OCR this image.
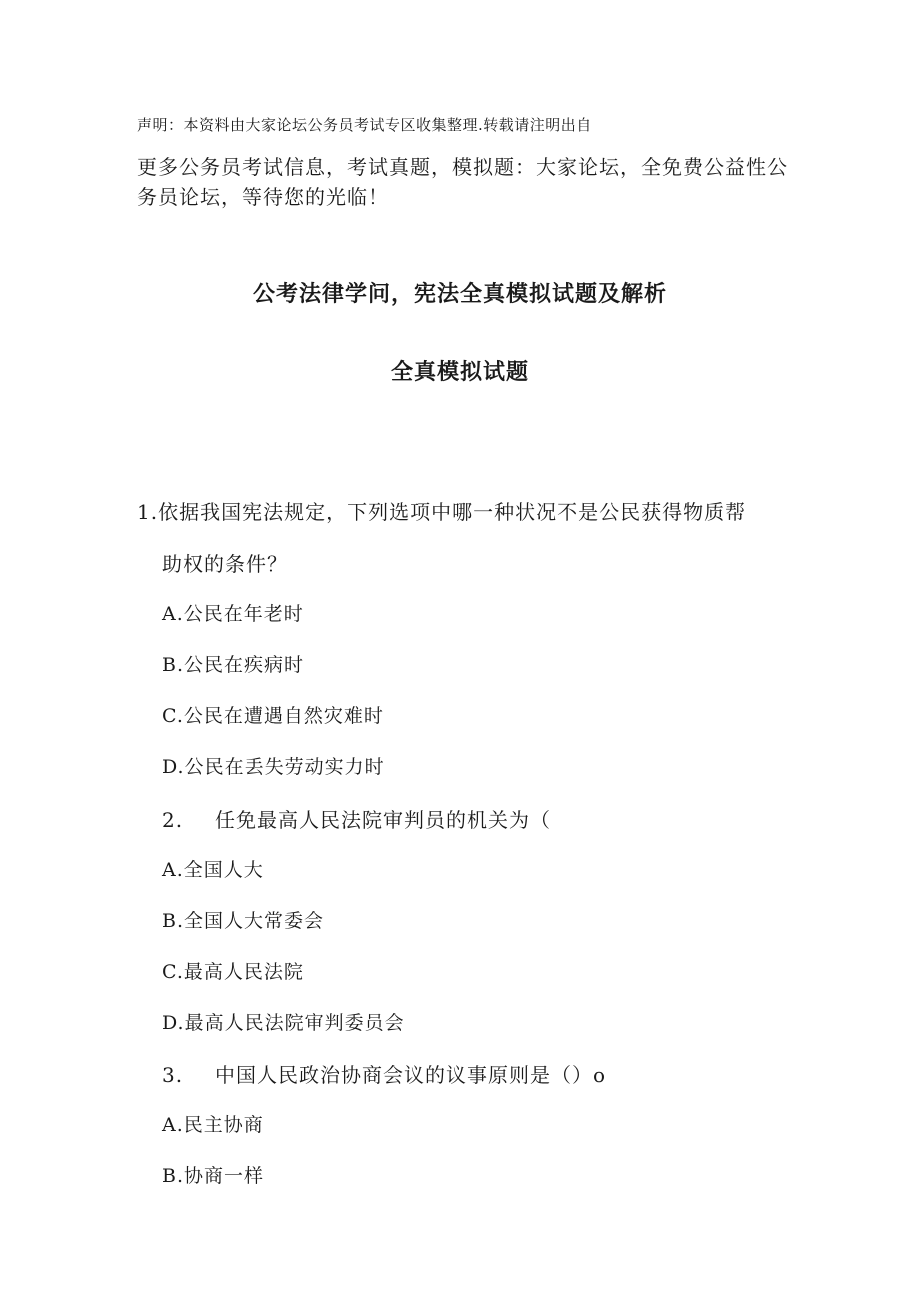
声明：本资料由大家论坛公务员考试专区收集整理.转载请注明出自
更多公务员考试信息，考试真题，模拟题：大家论坛，全免费公益性公
务员论坛，等待您的光临！
公考法律学问，宪法全真模拟试题及解析
全真模拟试题
1.依据我国宪法规定，下列选项中哪一种状况不是公民获得物质帮
助权的条件？
A.公民在年老时
B.公民在疾病时
C.公民在遭遇自然灾难时
D.公民在丢失劳动实力时
2. 任免最高人民法院审判员的机关为（
A.全国人大
B.全国人大常委会
C.最高人民法院
D.最高人民法院审判委员会
3. 中国人民政治协商会议的议事原则是（）o
A.民主协商
B.协商一样
